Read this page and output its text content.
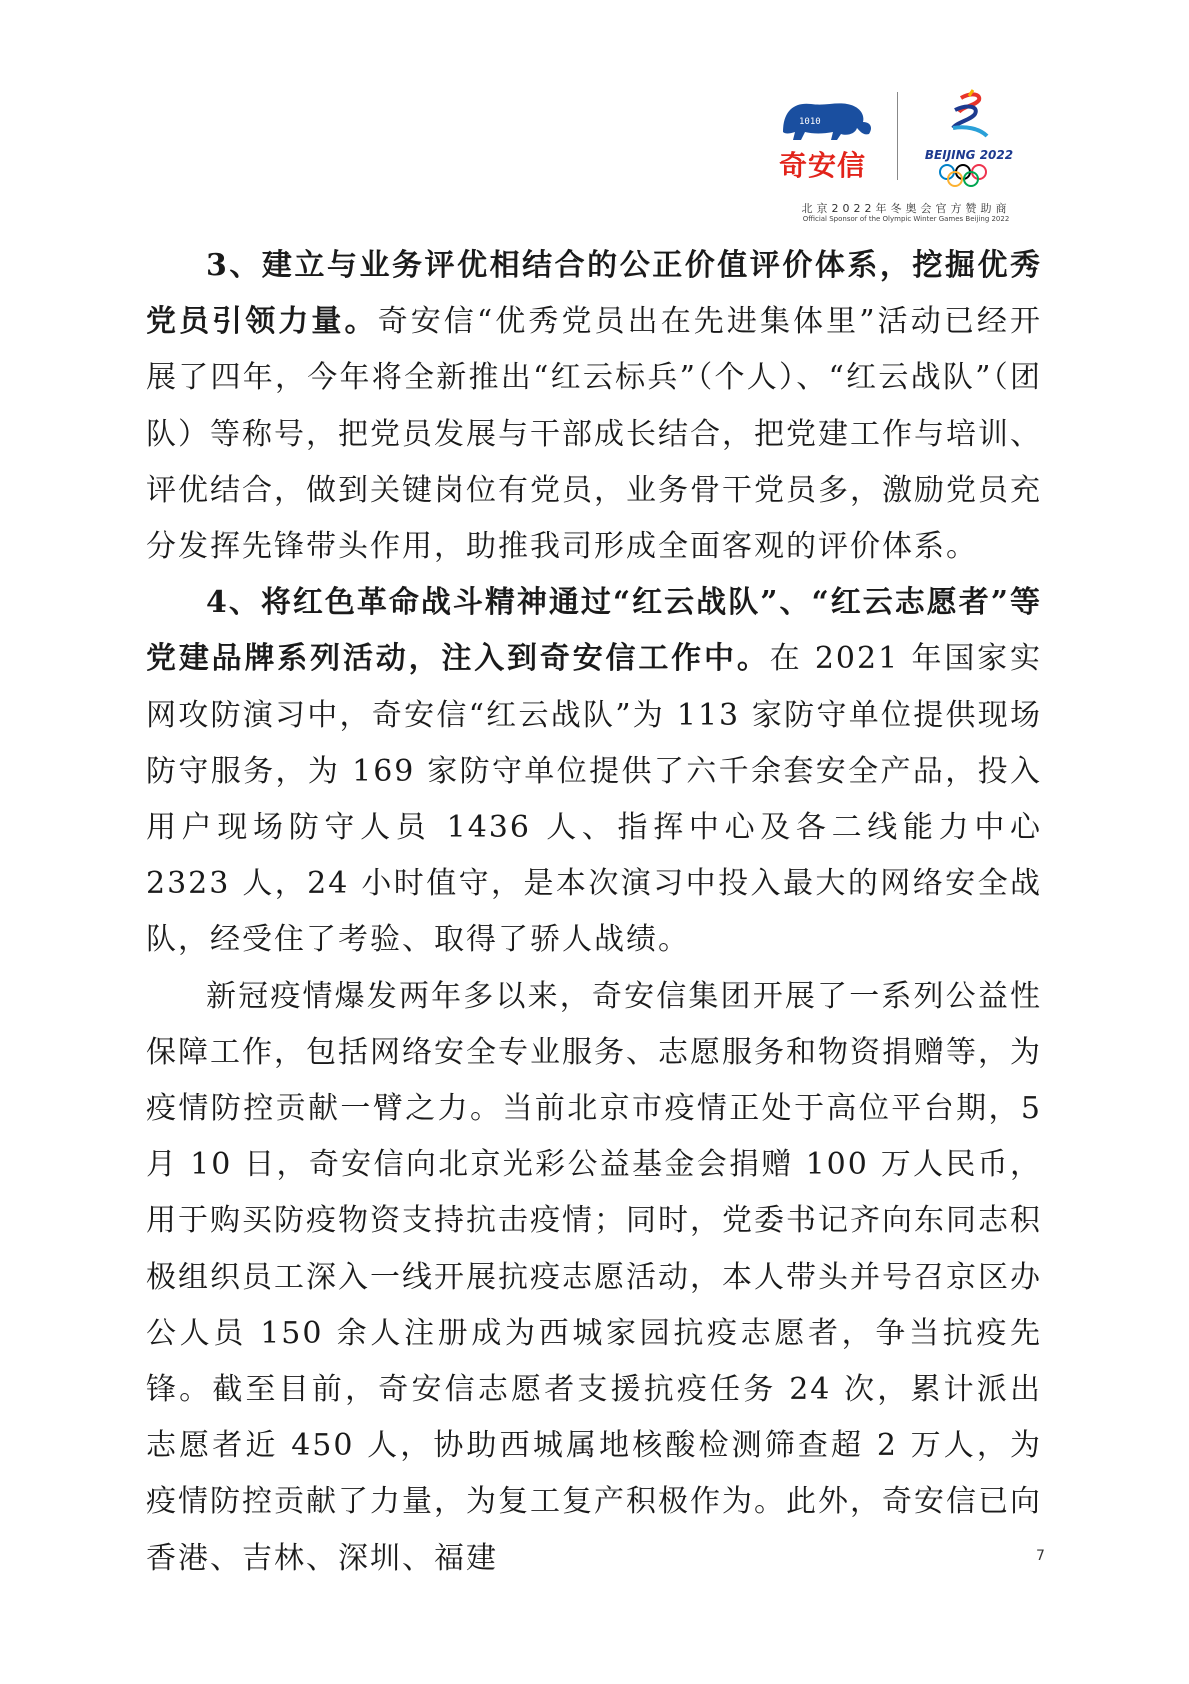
1010
奇安信	BEIJING 2022
北京2022年冬奥会官方赞助商
Official Sponsor of the Olympic Winter Games Beijing 2022

3、建立与业务评优相结合的公正价值评价体系，挖掘优秀党员引领力量。奇安信“优秀党员出在先进集体里”活动已经开展了四年，今年将全新推出“红云标兵”（个人）、“红云战队”（团队）等称号，把党员发展与干部成长结合，把党建工作与培训、评优结合，做到关键岗位有党员，业务骨干党员多，激励党员充分发挥先锋带头作用，助推我司形成全面客观的评价体系。

4、将红色革命战斗精神通过“红云战队”、“红云志愿者”等党建品牌系列活动，注入到奇安信工作中。在 2021 年国家实网攻防演习中，奇安信“红云战队”为 113 家防守单位提供现场防守服务，为 169 家防守单位提供了六千余套安全产品，投入用户现场防守人员 1436 人、指挥中心及各二线能力中心 2323 人，24 小时值守，是本次演习中投入最大的网络安全战队，经受住了考验、取得了骄人战绩。

新冠疫情爆发两年多以来，奇安信集团开展了一系列公益性保障工作，包括网络安全专业服务、志愿服务和物资捐赠等，为疫情防控贡献一臂之力。当前北京市疫情正处于高位平台期，5 月 10 日，奇安信向北京光彩公益基金会捐赠 100 万人民币，用于购买防疫物资支持抗击疫情；同时，党委书记齐向东同志积极组织员工深入一线开展抗疫志愿活动，本人带头并号召京区办公人员 150 余人注册成为西城家园抗疫志愿者，争当抗疫先锋。截至目前，奇安信志愿者支援抗疫任务 24 次，累计派出志愿者近 450 人，协助西城属地核酸检测筛查超 2 万人，为疫情防控贡献了力量，为复工复产积极作为。此外，奇安信已向香港、吉林、深圳、福建	7
